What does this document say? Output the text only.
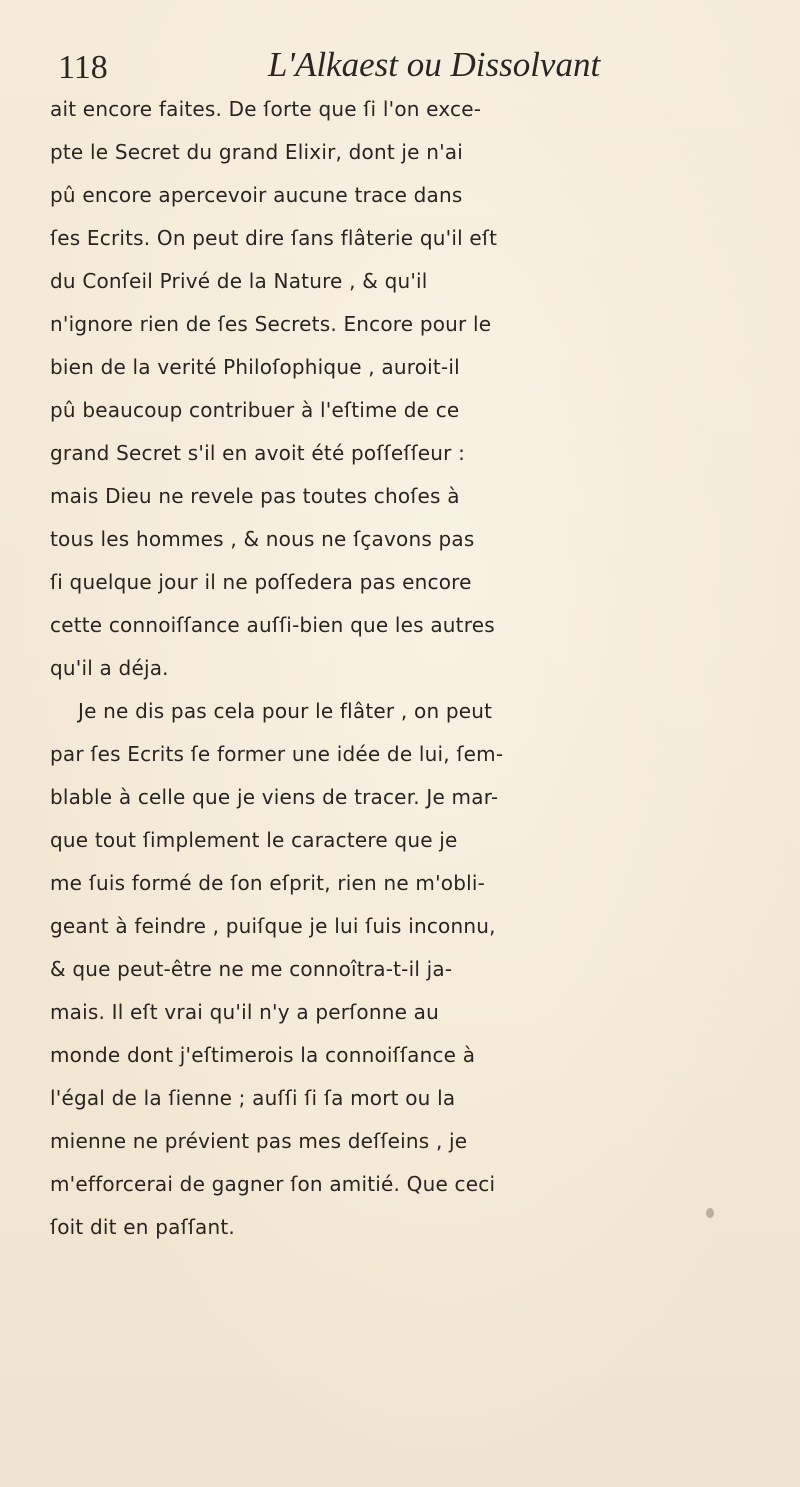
118	L'Alkaest ou Dissolvant
ait encore faites. De ſorte que ſi l'on exce-
pte le Secret du grand Elixir, dont je n'ai
pû encore apercevoir aucune trace dans
ſes Ecrits. On peut dire ſans flâterie qu'il eſt
du Conſeil Privé de la Nature , & qu'il
n'ignore rien de ſes Secrets. Encore pour le
bien de la verité Philoſophique , auroit-il
pû beaucoup contribuer à l'eſtime de ce
grand Secret s'il en avoit été poſſeſſeur :
mais Dieu ne revele pas toutes choſes à
tous les hommes , & nous ne ſçavons pas
ſi quelque jour il ne poſſedera pas encore
cette connoiſſance auſſi-bien que les autres
qu'il a déja.
Je ne dis pas cela pour le flâter , on peut
par ſes Ecrits ſe former une idée de lui, ſem-
blable à celle que je viens de tracer. Je mar-
que tout ſimplement le caractere que je
me ſuis formé de ſon eſprit, rien ne m'obli-
geant à feindre , puiſque je lui ſuis inconnu,
& que peut-être ne me connoîtra-t-il ja-
mais. Il eſt vrai qu'il n'y a perſonne au
monde dont j'eſtimerois la connoiſſance à
l'égal de la ſienne ; auſſi ſi ſa mort ou la
mienne ne prévient pas mes deſſeins , je
m'efforcerai de gagner ſon amitié. Que ceci
ſoit dit en paſſant.
